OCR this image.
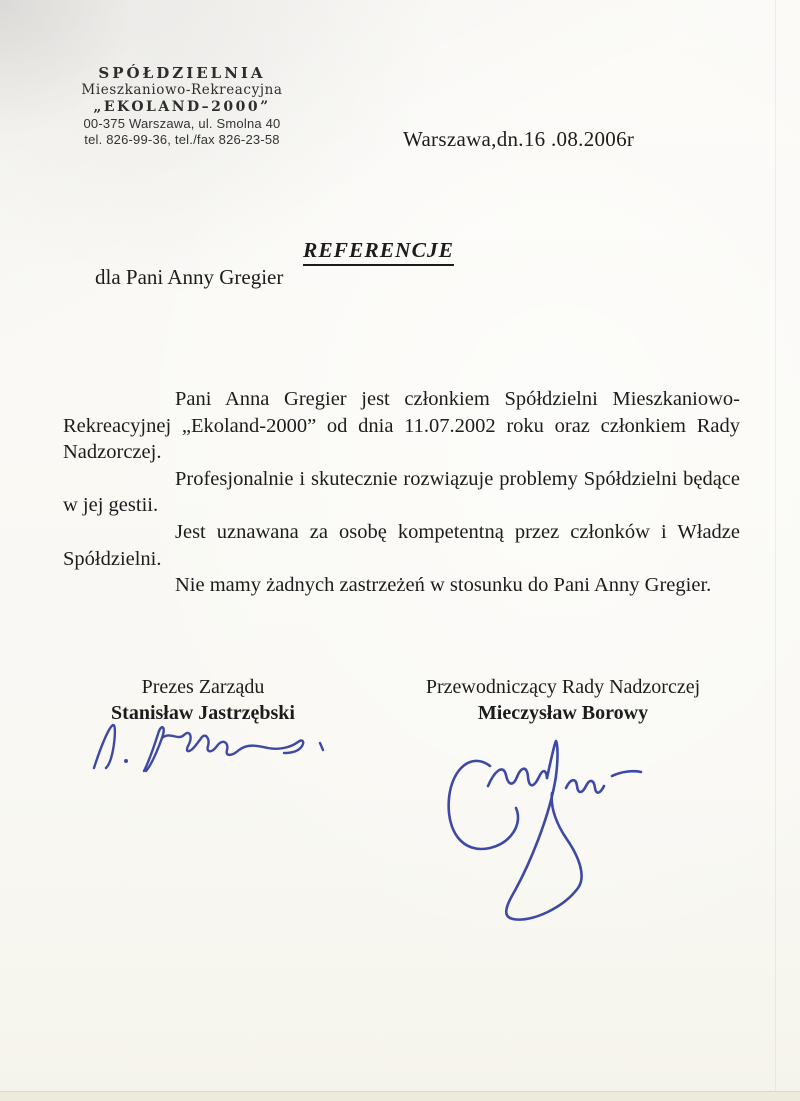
SPÓŁDZIELNIA
Mieszkaniowo-Rekreacyjna
„EKOLAND–2000”
00-375 Warszawa, ul. Smolna 40
tel. 826-99-36, tel./fax 826-23-58	Warszawa,dn.16 .08.2006r
REFERENCJE
dla Pani Anny Gregier

Pani Anna Gregier jest członkiem Spółdzielni Mieszkaniowo-Rekreacyjnej „Ekoland-2000” od dnia 11.07.2002 roku oraz członkiem Rady Nadzorczej.

Profesjonalnie i skutecznie rozwiązuje problemy Spółdzielni będące w jej gestii.

Jest uznawana za osobę kompetentną przez członków i Władze Spółdzielni.

Nie mamy żadnych zastrzeżeń w stosunku do Pani Anny Gregier.

Prezes Zarządu
Stanisław Jastrzębski
Przewodniczący Rady Nadzorczej
Mieczysław Borowy
